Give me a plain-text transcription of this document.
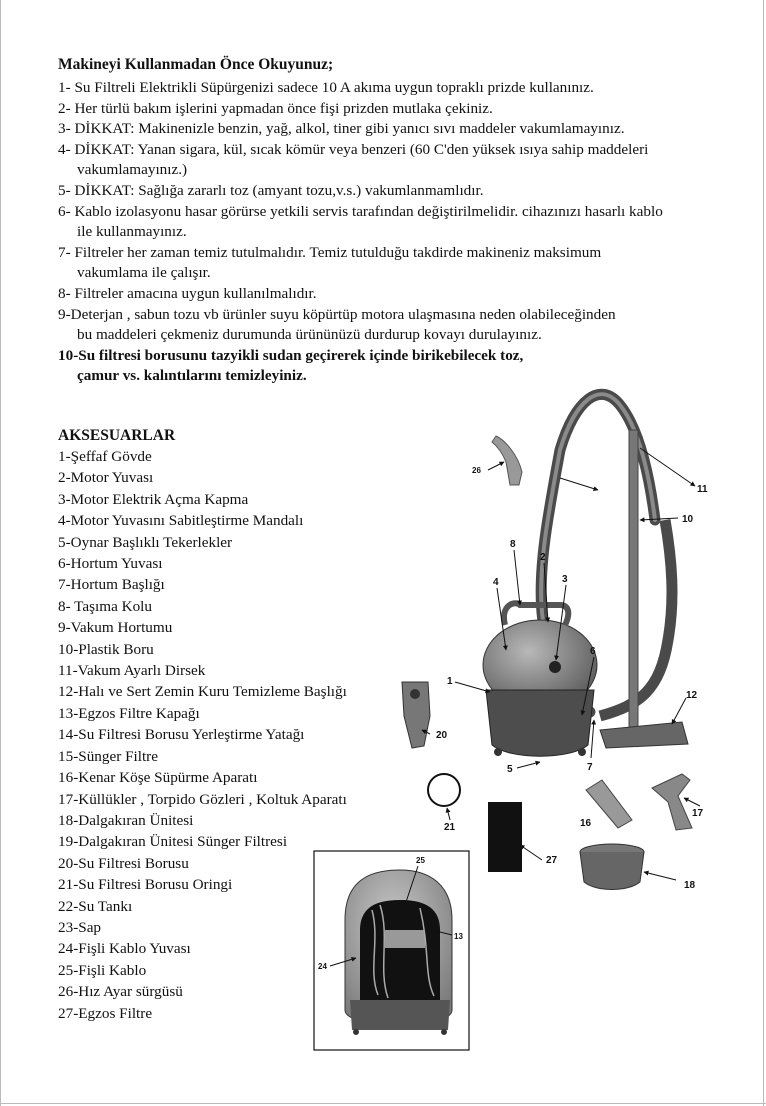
Makineyi Kullanmadan Önce Okuyunuz;
1- Su Filtreli Elektrikli Süpürgenizi sadece 10 A akıma uygun topraklı prizde kullanınız.
2- Her türlü bakım işlerini yapmadan önce fişi prizden mutlaka çekiniz.
3- DİKKAT: Makinenizle benzin, yağ, alkol, tiner gibi yanıcı sıvı maddeler vakumlamayınız.
4- DİKKAT: Yanan sigara, kül, sıcak kömür veya benzeri (60 C'den yüksek ısıya sahip maddeleri
vakumlamayınız.)
5- DİKKAT: Sağlığa zararlı toz (amyant tozu,v.s.) vakumlanmamlıdır.
6- Kablo izolasyonu hasar görürse yetkili servis tarafından değiştirilmelidir. cihazınızı hasarlı kablo
ile kullanmayınız.
7- Filtreler her zaman temiz tutulmalıdır. Temiz tutulduğu takdirde makineniz maksimum
vakumlama ile çalışır.
8- Filtreler amacına uygun kullanılmalıdır.
9-Deterjan , sabun tozu vb ürünler suyu köpürtüp motora ulaşmasına neden olabileceğinden
bu maddeleri çekmeniz durumunda ürününüzü durdurup kovayı durulayınız.
10-Su filtresi borusunu tazyikli sudan geçirerek içinde birikebilecek toz,
çamur vs. kalıntılarını temizleyiniz.
AKSESUARLAR
1-Şeffaf Gövde
2-Motor Yuvası
3-Motor Elektrik Açma Kapma
4-Motor Yuvasını Sabitleştirme Mandalı
5-Oynar Başlıklı Tekerlekler
6-Hortum Yuvası
7-Hortum Başlığı
8- Taşıma Kolu
9-Vakum Hortumu
10-Plastik Boru
11-Vakum Ayarlı Dirsek
12-Halı ve Sert Zemin Kuru Temizleme Başlığı
13-Egzos Filtre Kapağı
14-Su Filtresi Borusu Yerleştirme Yatağı
15-Sünger Filtre
16-Kenar Köşe Süpürme Aparatı
17-Küllükler , Torpido Gözleri , Koltuk Aparatı
18-Dalgakıran Ünitesi
19-Dalgakıran Ünitesi Sünger Filtresi
20-Su Filtresi Borusu
21-Su Filtresi Borusu Oringi
22-Su Tankı
23-Sap
24-Fişli Kablo Yuvası
25-Fişli Kablo
26-Hız Ayar sürgüsü
27-Egzos Filtre
26
11
10
12
8
2
3
4
1
6
7
5
20
21
27
16
17
18
25
13
24
